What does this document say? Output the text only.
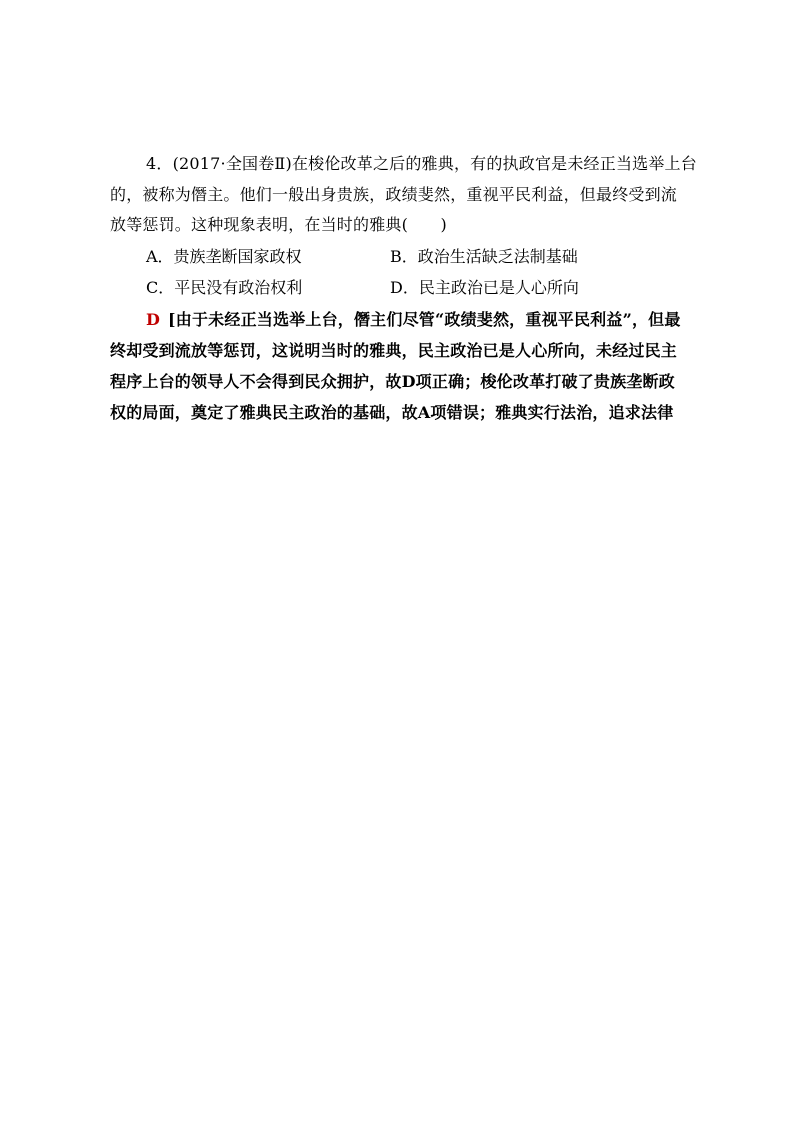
4．(2017·全国卷Ⅱ)在梭伦改革之后的雅典，有的执政官是未经正当选举上台
的，被称为僭主。他们一般出身贵族，政绩斐然，重视平民利益，但最终受到流
放等惩罚。这种现象表明，在当时的雅典(　　)
A．贵族垄断国家政权	B．政治生活缺乏法制基础
C．平民没有政治权利	D．民主政治已是人心所向
D [由于未经正当选举上台，僭主们尽管“政绩斐然，重视平民利益”，但最
终却受到流放等惩罚，这说明当时的雅典，民主政治已是人心所向，未经过民主
程序上台的领导人不会得到民众拥护，故D项正确；梭伦改革打破了贵族垄断政
权的局面，奠定了雅典民主政治的基础，故A项错误；雅典实行法治，追求法律
